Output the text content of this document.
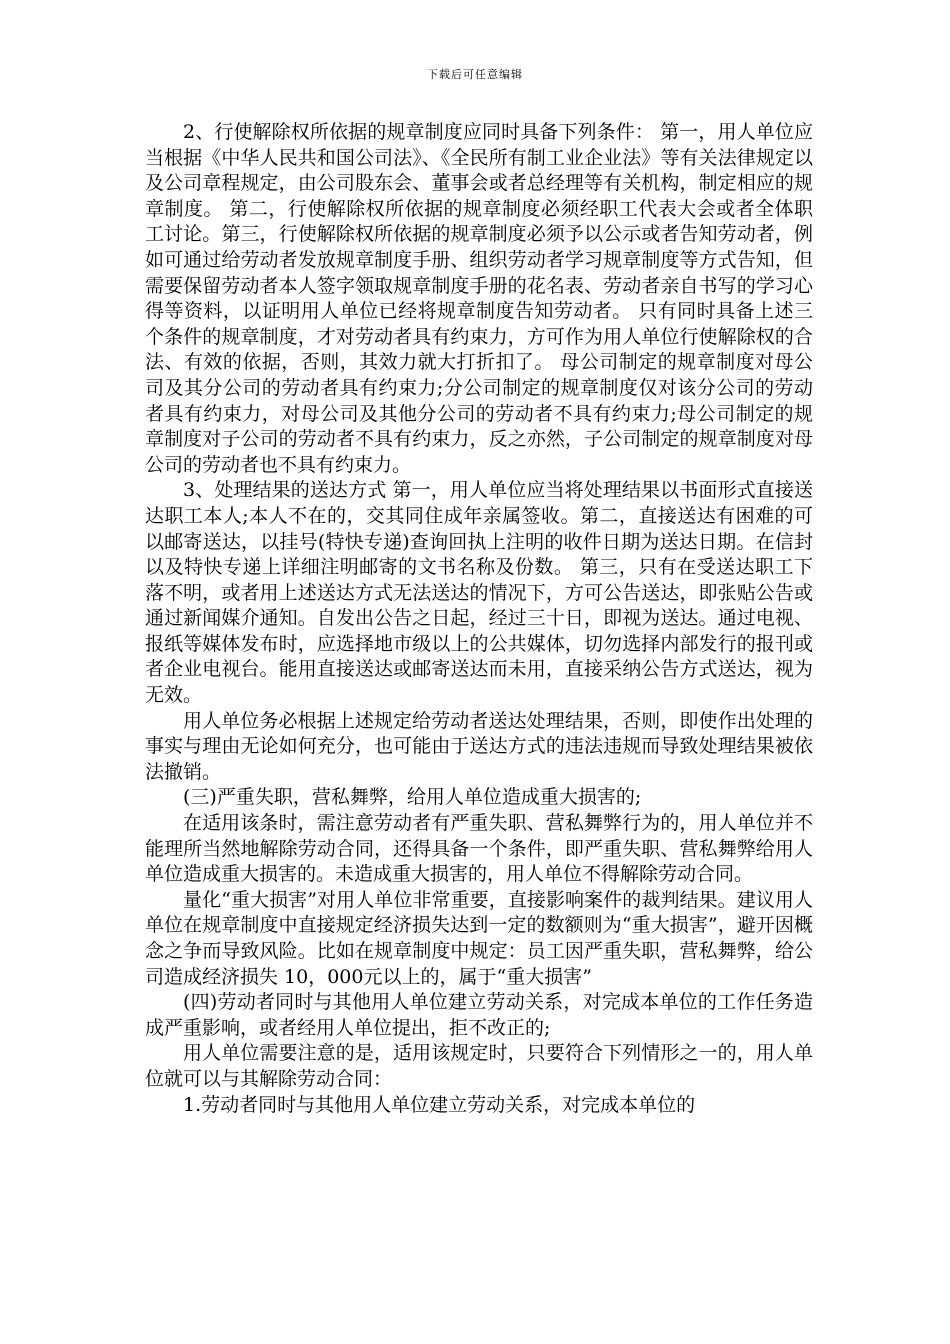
下载后可任意编辑

2、行使解除权所依据的规章制度应同时具备下列条件： 第一，用人单位应当根据《中华人民共和国公司法》、《全民所有制工业企业法》等有关法律规定以及公司章程规定，由公司股东会、董事会或者总经理等有关机构，制定相应的规章制度。 第二，行使解除权所依据的规章制度必须经职工代表大会或者全体职工讨论。第三，行使解除权所依据的规章制度必须予以公示或者告知劳动者，例如可通过给劳动者发放规章制度手册、组织劳动者学习规章制度等方式告知，但需要保留劳动者本人签字领取规章制度手册的花名表、劳动者亲自书写的学习心得等资料，以证明用人单位已经将规章制度告知劳动者。 只有同时具备上述三个条件的规章制度，才对劳动者具有约束力，方可作为用人单位行使解除权的合法、有效的依据，否则，其效力就大打折扣了。 母公司制定的规章制度对母公司及其分公司的劳动者具有约束力;分公司制定的规章制度仅对该分公司的劳动者具有约束力，对母公司及其他分公司的劳动者不具有约束力;母公司制定的规章制度对子公司的劳动者不具有约束力，反之亦然，子公司制定的规章制度对母公司的劳动者也不具有约束力。

3、处理结果的送达方式 第一，用人单位应当将处理结果以书面形式直接送达职工本人;本人不在的，交其同住成年亲属签收。第二，直接送达有困难的可以邮寄送达，以挂号(特快专递)查询回执上注明的收件日期为送达日期。在信封以及特快专递上详细注明邮寄的文书名称及份数。 第三，只有在受送达职工下落不明，或者用上述送达方式无法送达的情况下，方可公告送达，即张贴公告或通过新闻媒介通知。自发出公告之日起，经过三十日，即视为送达。通过电视、报纸等媒体发布时，应选择地市级以上的公共媒体，切勿选择内部发行的报刊或者企业电视台。能用直接送达或邮寄送达而未用，直接采纳公告方式送达，视为无效。

用人单位务必根据上述规定给劳动者送达处理结果，否则，即使作出处理的事实与理由无论如何充分，也可能由于送达方式的违法违规而导致处理结果被依法撤销。

(三)严重失职，营私舞弊，给用人单位造成重大损害的;

在适用该条时，需注意劳动者有严重失职、营私舞弊行为的，用人单位并不能理所当然地解除劳动合同，还得具备一个条件，即严重失职、营私舞弊给用人单位造成重大损害的。未造成重大损害的，用人单位不得解除劳动合同。

量化“重大损害”对用人单位非常重要，直接影响案件的裁判结果。建议用人单位在规章制度中直接规定经济损失达到一定的数额则为“重大损害”，避开因概念之争而导致风险。比如在规章制度中规定：员工因严重失职，营私舞弊，给公司造成经济损失 10，000元以上的，属于“重大损害”

(四)劳动者同时与其他用人单位建立劳动关系，对完成本单位的工作任务造成严重影响，或者经用人单位提出，拒不改正的;

用人单位需要注意的是，适用该规定时，只要符合下列情形之一的，用人单位就可以与其解除劳动合同：

1.劳动者同时与其他用人单位建立劳动关系，对完成本单位的
